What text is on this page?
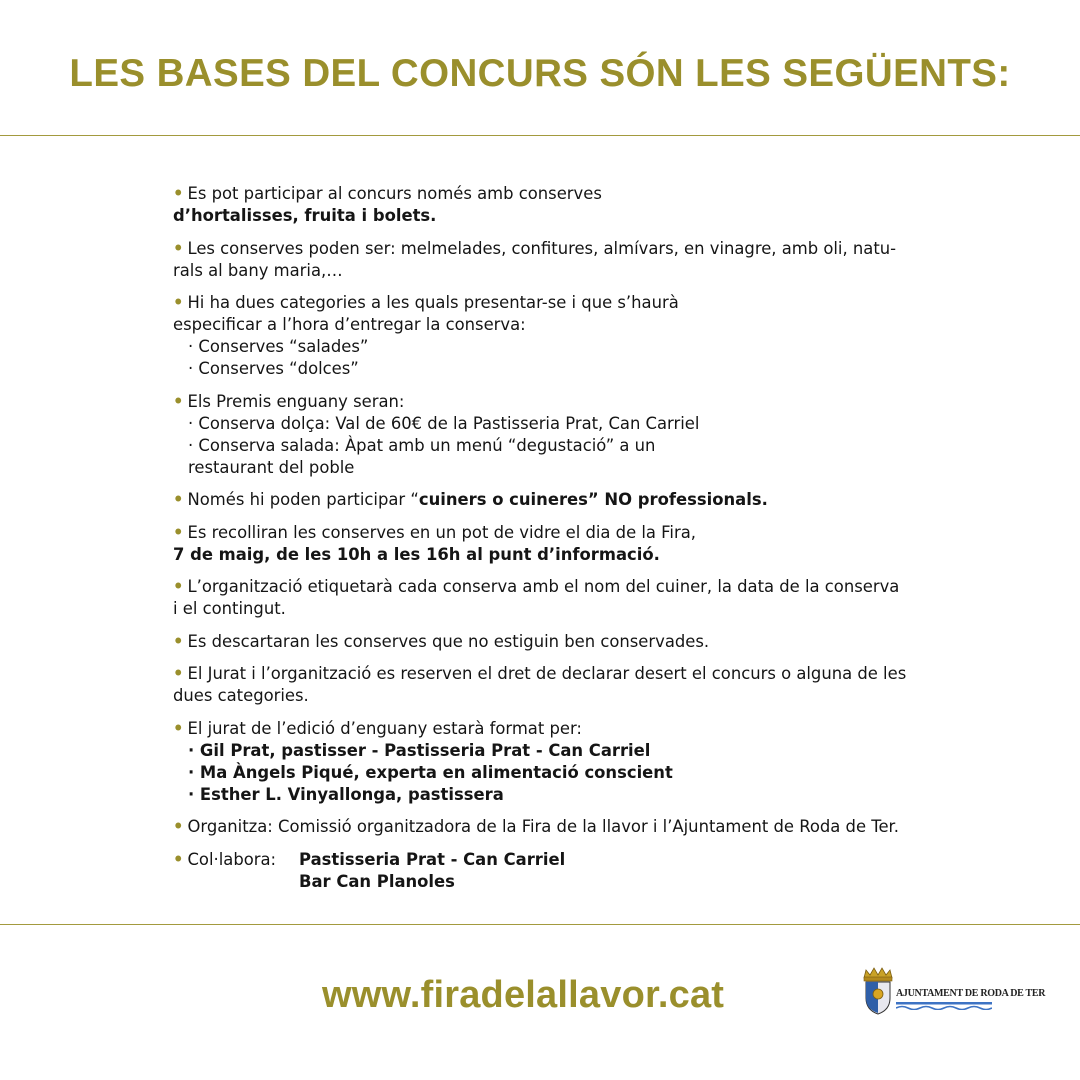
LES BASES DEL CONCURS SÓN LES SEGÜENTS:
• Es pot participar al concurs només amb conserves
d’hortalisses, fruita i bolets.
• Les conserves poden ser: melmelades, confitures, almívars, en vinagre, amb oli, natu-
rals al bany maria,…
• Hi ha dues categories a les quals presentar-se i que s’haurà
especificar a l’hora d’entregar la conserva:
· Conserves “salades”
· Conserves “dolces”
• Els Premis enguany seran:
· Conserva dolça: Val de 60€ de la Pastisseria Prat, Can Carriel
· Conserva salada: Àpat amb un menú “degustació” a un
restaurant del poble
• Només hi poden participar “cuiners o cuineres” NO professionals.
• Es recolliran les conserves en un pot de vidre el dia de la Fira,
7 de maig, de les 10h a les 16h al punt d’informació.
• L’organització etiquetarà cada conserva amb el nom del cuiner, la data de la conserva
i el contingut.
• Es descartaran les conserves que no estiguin ben conservades.
• El Jurat i l’organització es reserven el dret de declarar desert el concurs o alguna de les
dues categories.
• El jurat de l’edició d’enguany estarà format per:
· Gil Prat, pastisser - Pastisseria Prat - Can Carriel
· Ma Àngels Piqué, experta en alimentació conscient
· Esther L. Vinyallonga, pastissera
• Organitza: Comissió organitzadora de la Fira de la llavor i l’Ajuntament de Roda de Ter.
• Col·labora:	Pastisseria Prat - Can Carriel
Bar Can Planoles

www.firadelallavor.cat	AJUNTAMENT DE RODA DE TER
